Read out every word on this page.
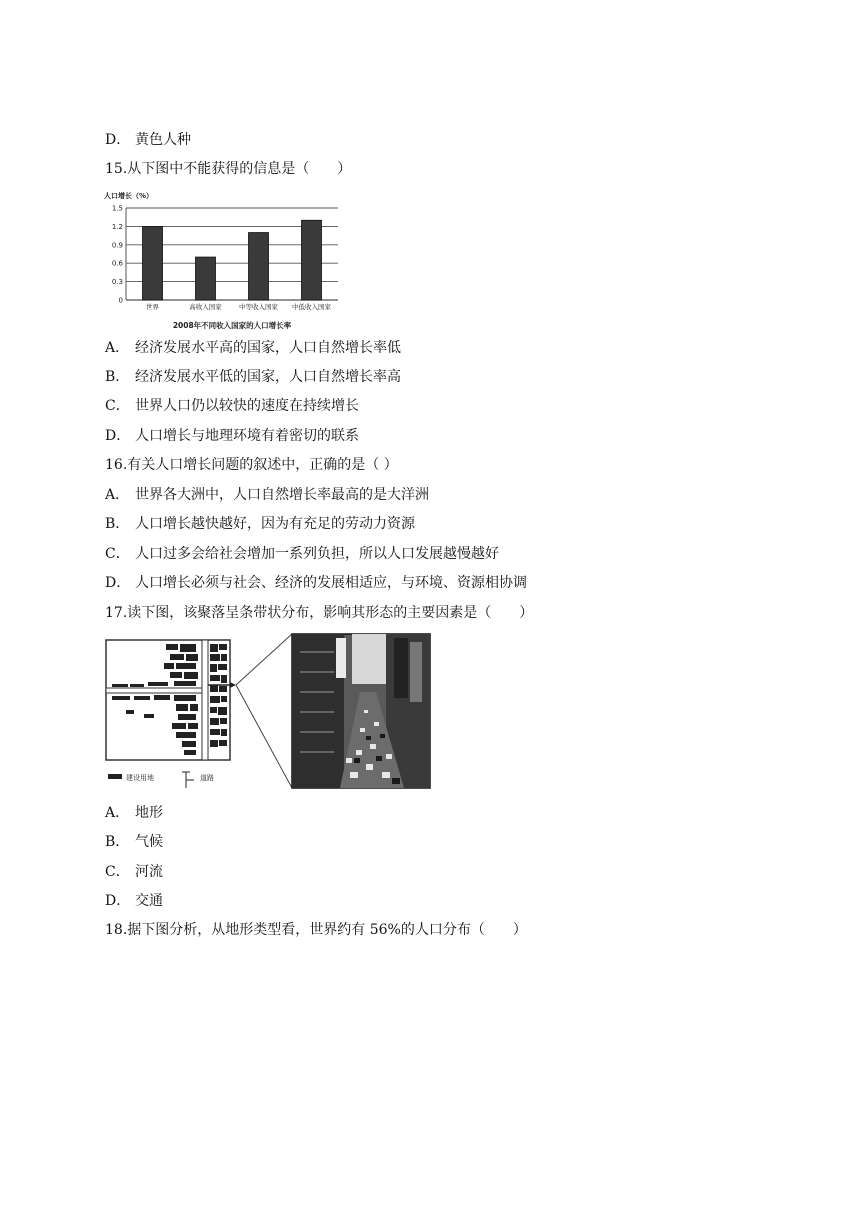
D． 黄色人种
15.从下图中不能获得的信息是（　　）
人口增长（%）
0
0.3
0.6
0.9
1.2
1.5
世界	高收入国家	中等收入国家 中低收入国家
2008年不同收入国家的人口增长率
A． 经济发展水平高的国家，人口自然增长率低
B． 经济发展水平低的国家，人口自然增长率高
C． 世界人口仍以较快的速度在持续增长
D． 人口增长与地理环境有着密切的联系
16.有关人口增长问题的叙述中，正确的是（ ）
A． 世界各大洲中，人口自然增长率最高的是大洋洲
B． 人口增长越快越好，因为有充足的劳动力资源
C． 人口过多会给社会增加一系列负担，所以人口发展越慢越好
D． 人口增长必须与社会、经济的发展相适应，与环境、资源相协调
17.读下图，该聚落呈条带状分布，影响其形态的主要因素是（　　）
建设用地	道路
A． 地形
B． 气候
C． 河流
D． 交通
18.据下图分析，从地形类型看，世界约有 56%的人口分布（　　）
